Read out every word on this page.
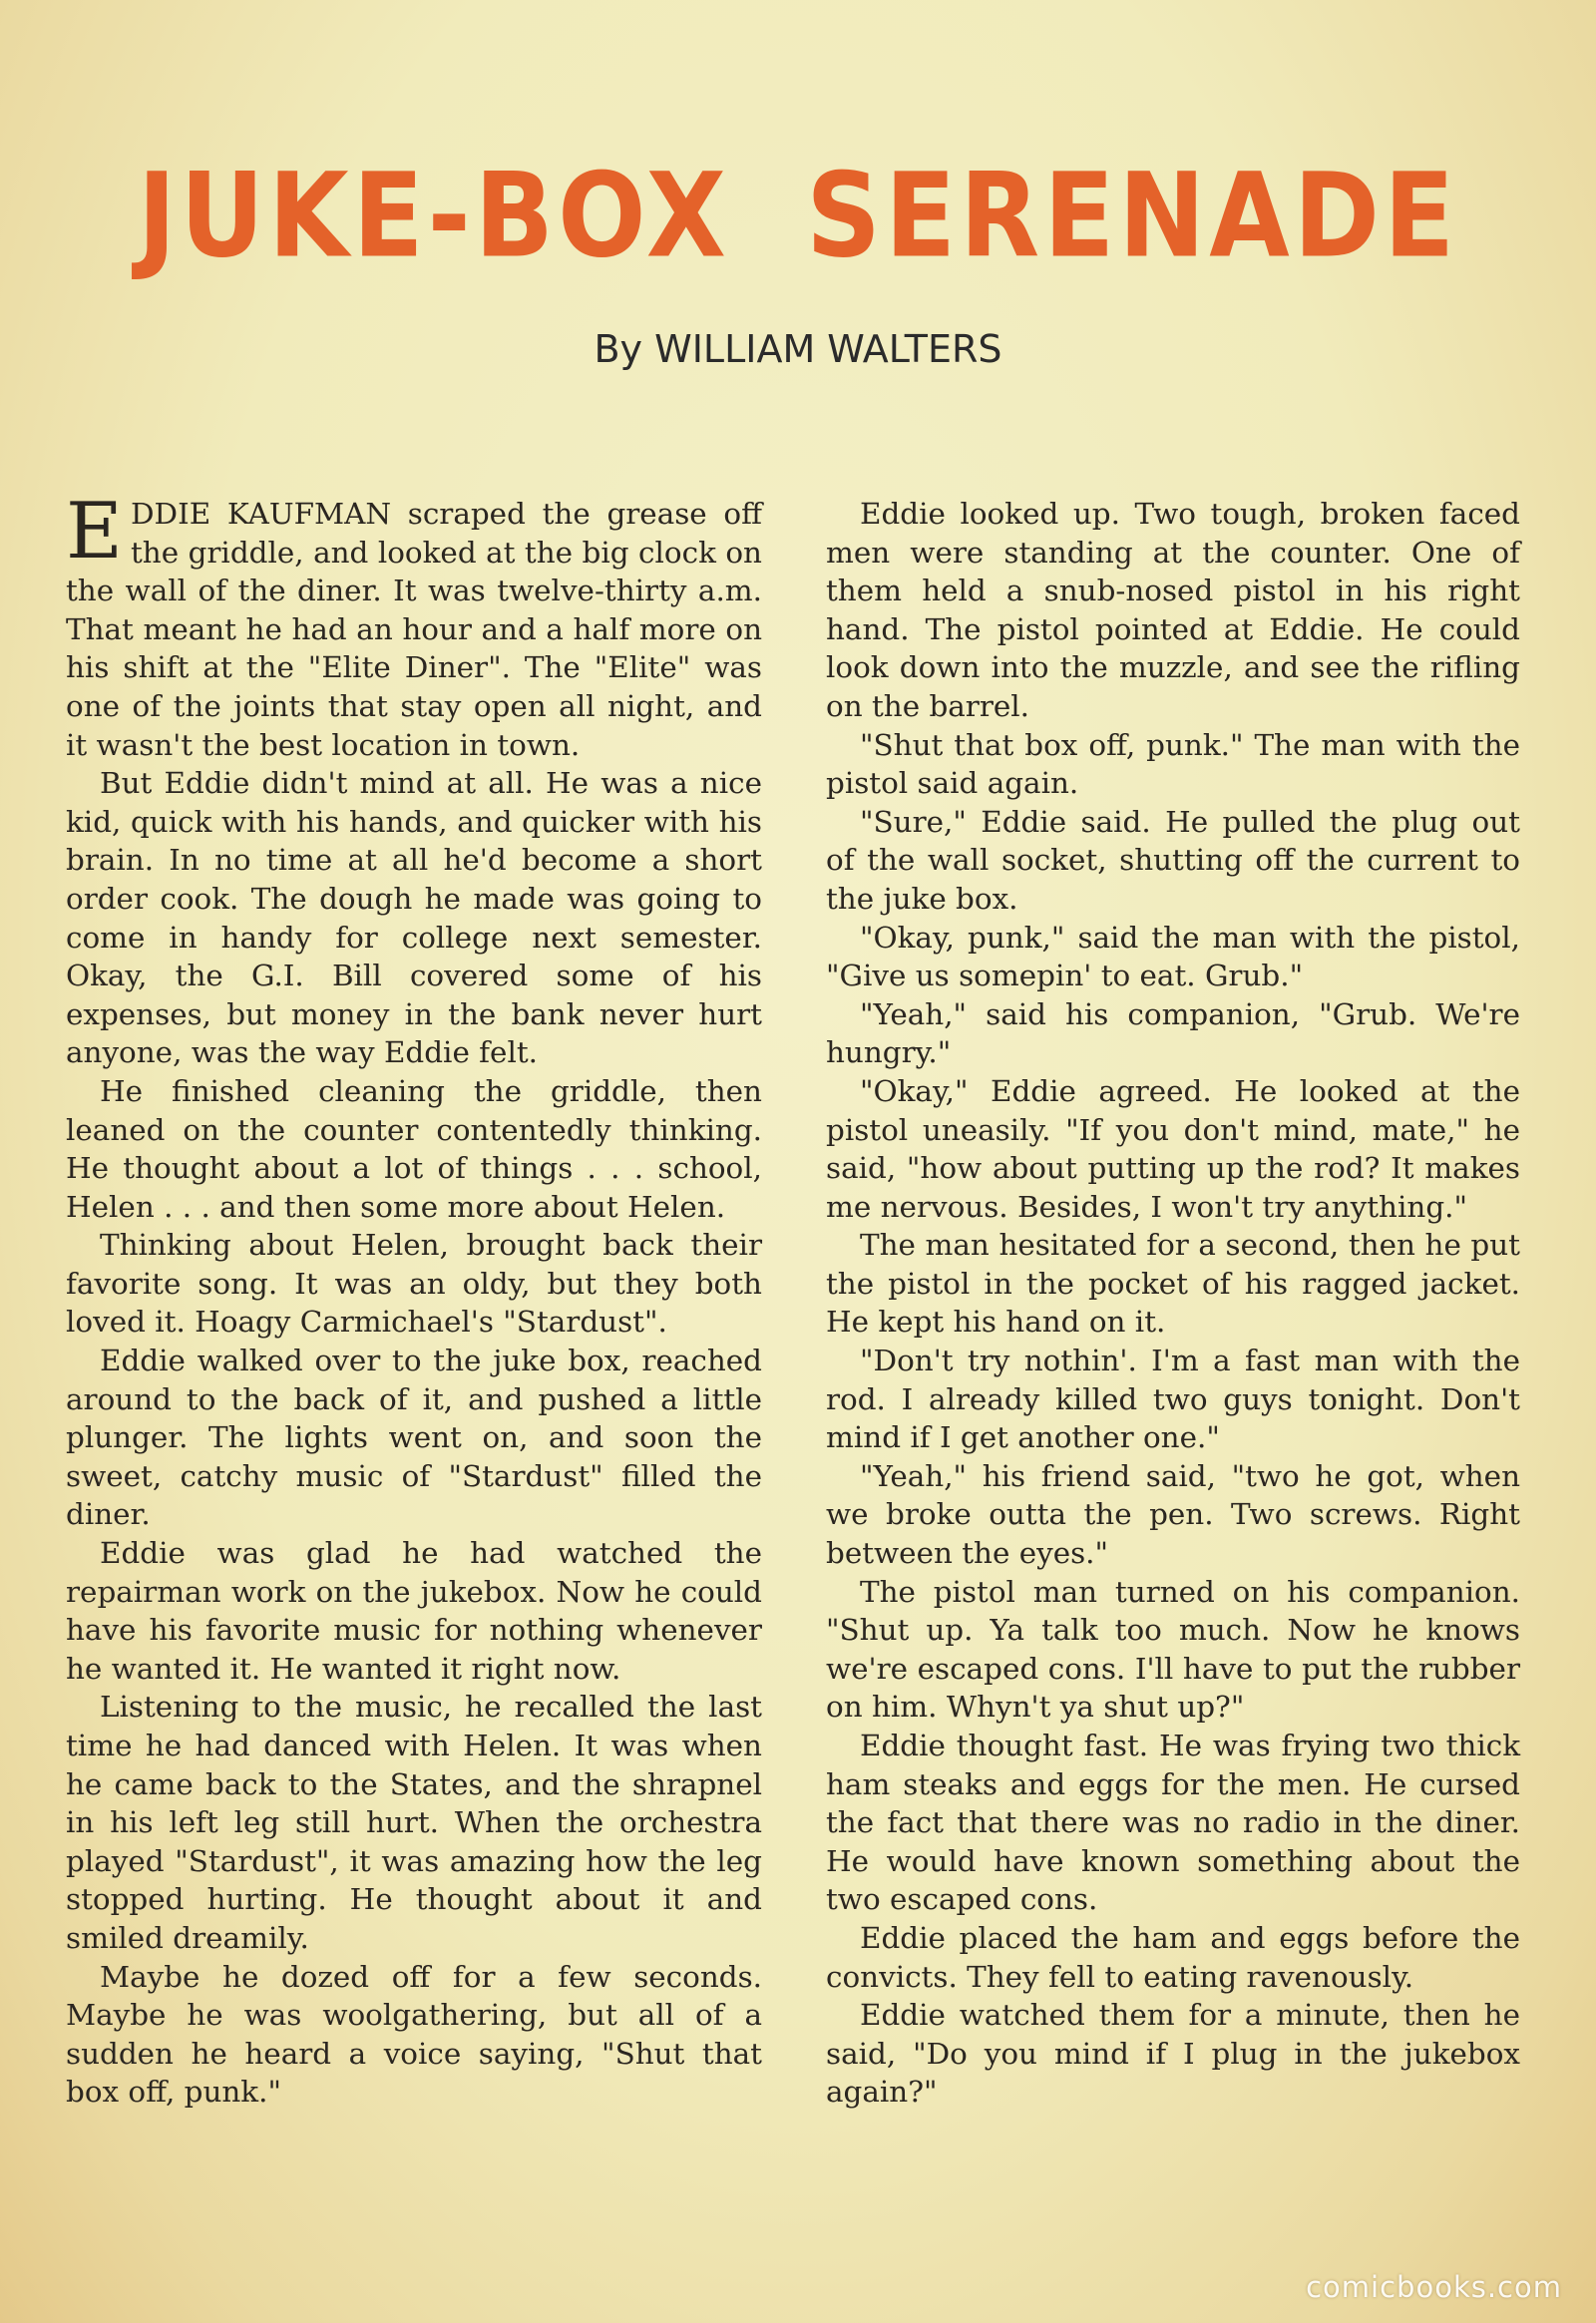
JUKE-BOX SERENADE
By WILLIAM WALTERS

EDDIE KAUFMAN scraped the grease off the griddle, and looked at the big clock on the wall of the diner. It was twelve-thirty a.m. That meant he had an hour and a half more on his shift at the "Elite Diner". The "Elite" was one of the joints that stay open all night, and it wasn't the best location in town.

But Eddie didn't mind at all. He was a nice kid, quick with his hands, and quicker with his brain. In no time at all he'd become a short order cook. The dough he made was going to come in handy for college next semester. Okay, the G.I. Bill covered some of his expenses, but money in the bank never hurt anyone, was the way Eddie felt.

He finished cleaning the griddle, then leaned on the counter contentedly thinking. He thought about a lot of things . . . school, Helen . . . and then some more about Helen.

Thinking about Helen, brought back their favorite song. It was an oldy, but they both loved it. Hoagy Carmichael's "Stardust".

Eddie walked over to the juke box, reached around to the back of it, and pushed a little plunger. The lights went on, and soon the sweet, catchy music of "Stardust" filled the diner.

Eddie was glad he had watched the repairman work on the jukebox. Now he could have his favorite music for nothing whenever he wanted it. He wanted it right now.

Listening to the music, he recalled the last time he had danced with Helen. It was when he came back to the States, and the shrapnel in his left leg still hurt. When the orchestra played "Stardust", it was amazing how the leg stopped hurting. He thought about it and smiled dreamily.

Maybe he dozed off for a few seconds. Maybe he was woolgathering, but all of a sudden he heard a voice saying, "Shut that box off, punk."

Eddie looked up. Two tough, broken faced men were standing at the counter. One of them held a snub-nosed pistol in his right hand. The pistol pointed at Eddie. He could look down into the muzzle, and see the rifling on the barrel.

"Shut that box off, punk." The man with the pistol said again.

"Sure," Eddie said. He pulled the plug out of the wall socket, shutting off the current to the juke box.

"Okay, punk," said the man with the pistol, "Give us somepin' to eat. Grub."

"Yeah," said his companion, "Grub. We're hungry."

"Okay," Eddie agreed. He looked at the pistol uneasily. "If you don't mind, mate," he said, "how about putting up the rod? It makes me nervous. Besides, I won't try anything."

The man hesitated for a second, then he put the pistol in the pocket of his ragged jacket. He kept his hand on it.

"Don't try nothin'. I'm a fast man with the rod. I already killed two guys tonight. Don't mind if I get another one."

"Yeah," his friend said, "two he got, when we broke outta the pen. Two screws. Right between the eyes."

The pistol man turned on his companion. "Shut up. Ya talk too much. Now he knows we're escaped cons. I'll have to put the rubber on him. Whyn't ya shut up?"

Eddie thought fast. He was frying two thick ham steaks and eggs for the men. He cursed the fact that there was no radio in the diner. He would have known something about the two escaped cons.

Eddie placed the ham and eggs before the convicts. They fell to eating ravenously.

Eddie watched them for a minute, then he said, "Do you mind if I plug in the jukebox again?"

comicbooks.com
